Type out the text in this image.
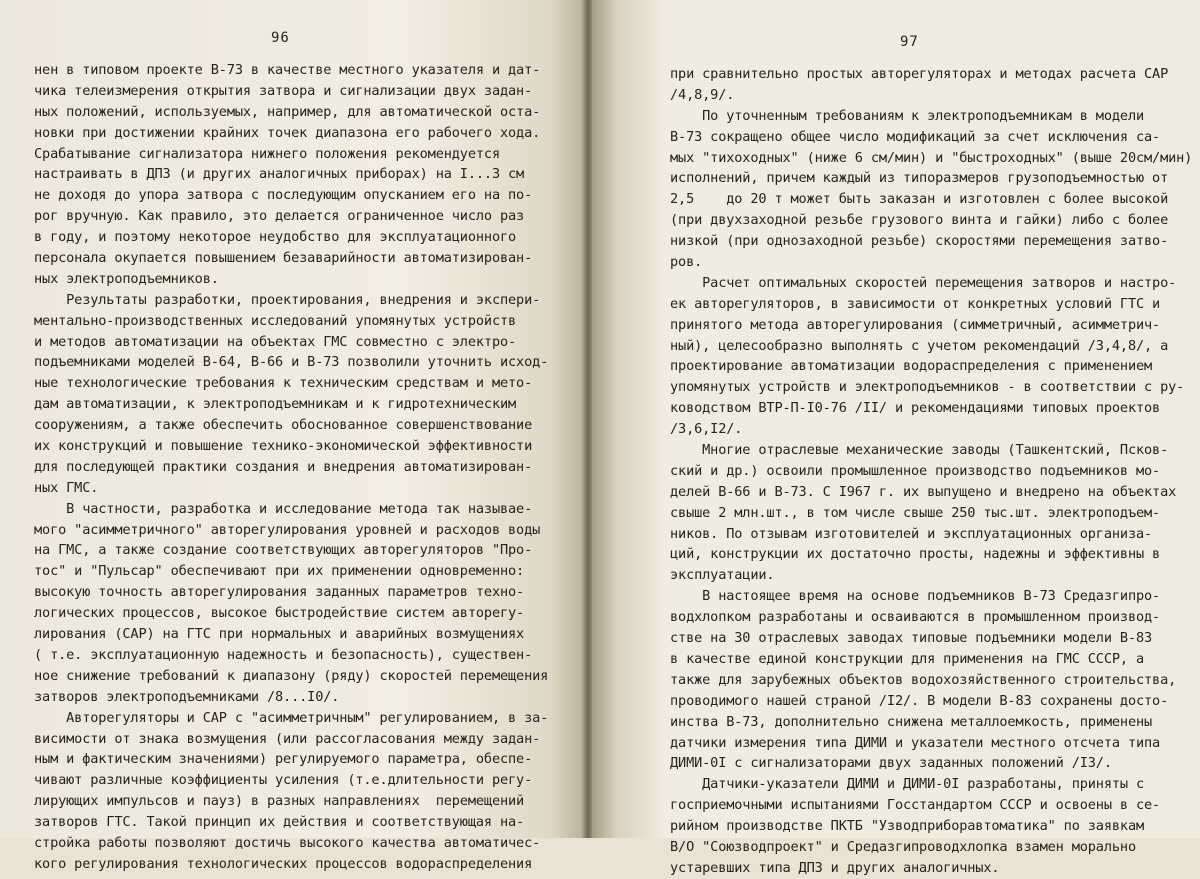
96
нен в типовом проекте В-73 в качестве местного указателя и дат-
чика телеизмерения открытия затвора и сигнализации двух задан-
ных положений, используемых, например, для автоматической оста-
новки при достижении крайних точек диапазона его рабочего хода.
Срабатывание сигнализатора нижнего положения рекомендуется
настраивать в ДПЗ (и других аналогичных приборах) на I...3 см
не доходя до упора затвора с последующим опусканием его на по-
рог вручную. Как правило, это делается ограниченное число раз
в году, и поэтому некоторое неудобство для эксплуатационного
персонала окупается повышением безаварийности автоматизирован-
ных электроподъемников.
Результаты разработки, проектирования, внедрения и экспери-
ментально-производственных исследований упомянутых устройств
и методов автоматизации на объектах ГМС совместно с электро-
подъемниками моделей В-64, В-66 и В-73 позволили уточнить исход-
ные технологические требования к техническим средствам и мето-
дам автоматизации, к электроподъемникам и к гидротехническим
сооружениям, а также обеспечить обоснованное совершенствование
их конструкций и повышение технико-экономической эффективности
для последующей практики создания и внедрения автоматизирован-
ных ГМС.
В частности, разработка и исследование метода так называе-
мого "асимметричного" авторегулирования уровней и расходов воды
на ГМС, а также создание соответствующих авторегуляторов "Про-
тос" и "Пульсар" обеспечивают при их применении одновременно:
высокую точность авторегулирования заданных параметров техно-
логических процессов, высокое быстродействие систем авторегу-
лирования (САР) на ГТС при нормальных и аварийных возмущениях
( т.е. эксплуатационную надежность и безопасность), существен-
ное снижение требований к диапазону (ряду) скоростей перемещения
затворов электроподъемниками /8...I0/.
Авторегуляторы и САР с "асимметричным" регулированием, в за-
висимости от знака возмущения (или рассогласования между задан-
ным и фактическим значениями) регулируемого параметра, обеспе-
чивают различные коэффициенты усиления (т.е.длительности регу-
лирующих импульсов и пауз) в разных направлениях  перемещений
затворов ГТС. Такой принцип их действия и соответствующая на-
стройка работы позволяют достичь высокого качества автоматичес-
кого регулирования технологических процессов водораспределения
при сравнительно простых авторегуляторах и методах расчета САР
/4,8,9/.
По уточненным требованиям к электроподъемникам в модели
В-73 сокращено общее число модификаций за счет исключения са-
мых "тихоходных" (ниже 6 см/мин) и "быстроходных" (выше 20см/мин)
исполнений, причем каждый из типоразмеров грузоподъемностью от
2,5    до 20 т может быть заказан и изготовлен с более высокой
(при двухзаходной резьбе грузового винта и гайки) либо с более
низкой (при однозаходной резьбе) скоростями перемещения затво-
ров.
Расчет оптимальных скоростей перемещения затворов и настро-
ек авторегуляторов, в зависимости от конкретных условий ГТС и
принятого метода авторегулирования (симметричный, асимметрич-
ный), целесообразно выполнять с учетом рекомендаций /3,4,8/, а
проектирование автоматизации водораспределения с применением
упомянутых устройств и электроподъемников - в соответствии с ру-
ководством ВТР-П-I0-76 /II/ и рекомендациями типовых проектов
/3,6,I2/.
Многие отраслевые механические заводы (Ташкентский, Псков-
ский и др.) освоили промышленное производство подъемников мо-
делей В-66 и В-73. С I967 г. их выпущено и внедрено на объектах
свыше 2 млн.шт., в том числе свыше 250 тыс.шт. электроподъем-
ников. По отзывам изготовителей и эксплуатационных организа-
ций, конструкции их достаточно просты, надежны и эффективны в
эксплуатации.
В настоящее время на основе подъемников В-73 Средазгипро-
водхлопком разработаны и осваиваются в промышленном производ-
стве на 30 отраслевых заводах типовые подъемники модели В-83
в качестве единой конструкции для применения на ГМС СССР, а
также для зарубежных объектов водохозяйственного строительства,
проводимого нашей страной /I2/. В модели В-83 сохранены досто-
инства В-73, дополнительно снижена металлоемкость, применены
датчики измерения типа ДИМИ и указатели местного отсчета типа
ДИМИ-0I с сигнализаторами двух заданных положений /I3/.
Датчики-указатели ДИМИ и ДИМИ-0I разработаны, приняты с
госприемочными испытаниями Госстандартом СССР и освоены в се-
рийном производстве ПКТБ "Узводприборавтоматика" по заявкам
В/О "Союзводпроект" и Средазгипроводхлопка взамен морально
устаревших типа ДПЗ и других аналогичных.
97
